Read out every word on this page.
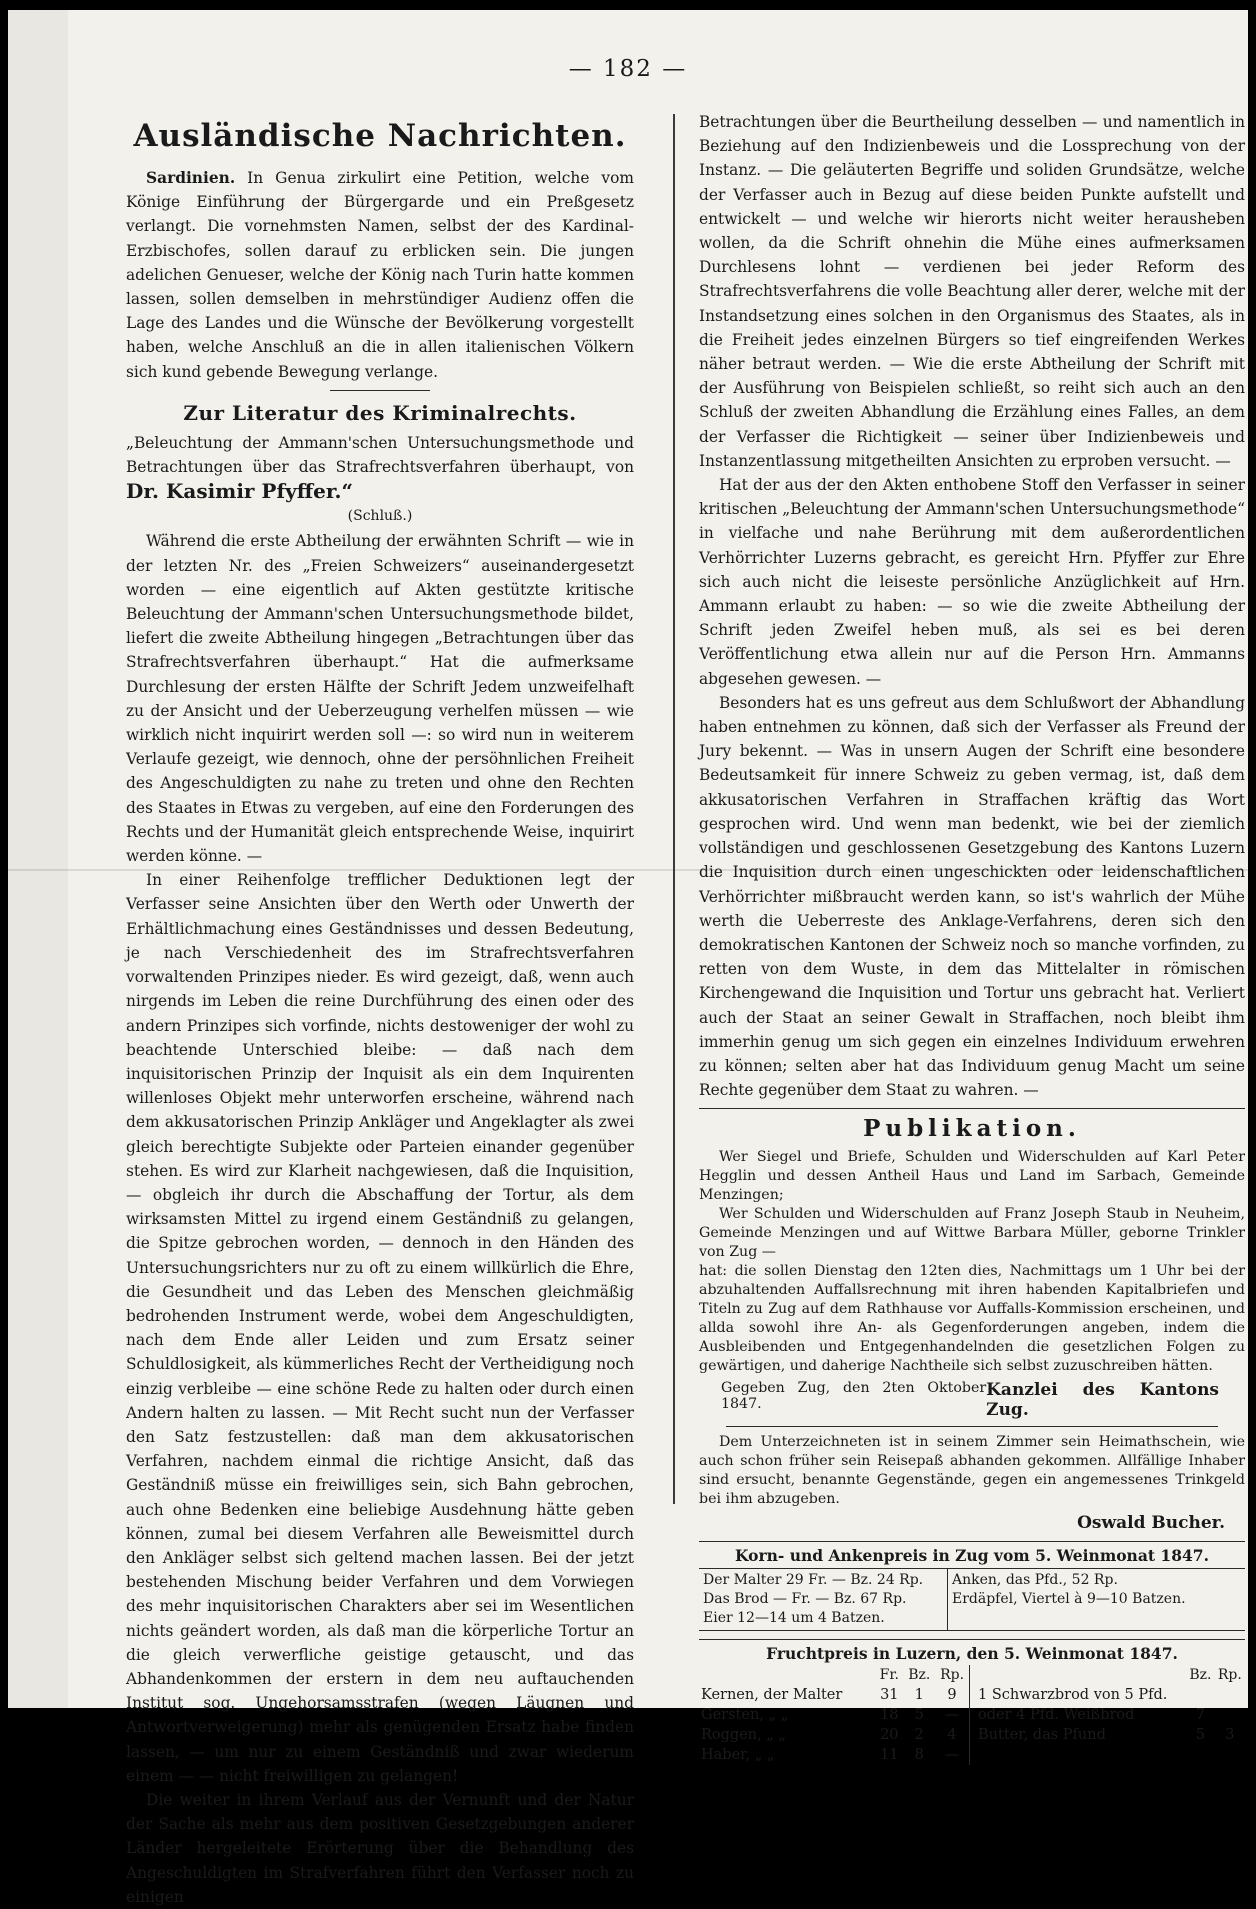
— 182 —
Ausländische Nachrichten.

Sardinien. In Genua zirkulirt eine Petition, welche vom Könige Einführung der Bürgergarde und ein Preßgesetz verlangt. Die vornehmsten Namen, selbst der des Kardinal-Erzbischofes, sollen darauf zu erblicken sein. Die jungen adelichen Genueser, welche der König nach Turin hatte kommen lassen, sollen demselben in mehrstündiger Audienz offen die Lage des Landes und die Wünsche der Bevölkerung vorgestellt haben, welche Anschluß an die in allen italienischen Völkern sich kund gebende Bewegung verlange.

Zur Literatur des Kriminalrechts.

„Beleuchtung der Ammann'schen Untersuchungsmethode und Betrachtungen über das Strafrechtsverfahren überhaupt, von Dr. Kasimir Pfyffer.“

(Schluß.)

Während die erste Abtheilung der erwähnten Schrift — wie in der letzten Nr. des „Freien Schweizers“ auseinandergesetzt worden — eine eigentlich auf Akten gestützte kritische Beleuchtung der Ammann'schen Untersuchungsmethode bildet, liefert die zweite Abtheilung hingegen „Betrachtungen über das Strafrechtsverfahren überhaupt.“ Hat die aufmerksame Durchlesung der ersten Hälfte der Schrift Jedem unzweifelhaft zu der Ansicht und der Ueberzeugung verhelfen müssen — wie wirklich nicht inquirirt werden soll —: so wird nun in weiterem Verlaufe gezeigt, wie dennoch, ohne der persöhnlichen Freiheit des Angeschuldigten zu nahe zu treten und ohne den Rechten des Staates in Etwas zu vergeben, auf eine den Forderungen des Rechts und der Humanität gleich entsprechende Weise, inquirirt werden könne. —

In einer Reihenfolge trefflicher Deduktionen legt der Verfasser seine Ansichten über den Werth oder Unwerth der Erhältlichmachung eines Geständnisses und dessen Bedeutung, je nach Verschiedenheit des im Strafrechtsverfahren vorwaltenden Prinzipes nieder. Es wird gezeigt, daß, wenn auch nirgends im Leben die reine Durchführung des einen oder des andern Prinzipes sich vorfinde, nichts destoweniger der wohl zu beachtende Unterschied bleibe: — daß nach dem inquisitorischen Prinzip der Inquisit als ein dem Inquirenten willenloses Objekt mehr unterworfen erscheine, während nach dem akkusatorischen Prinzip Ankläger und Angeklagter als zwei gleich berechtigte Subjekte oder Parteien einander gegenüber stehen. Es wird zur Klarheit nachgewiesen, daß die Inquisition, — obgleich ihr durch die Abschaffung der Tortur, als dem wirksamsten Mittel zu irgend einem Geständniß zu gelangen, die Spitze gebrochen worden, — dennoch in den Händen des Untersuchungsrichters nur zu oft zu einem willkürlich die Ehre, die Gesundheit und das Leben des Menschen gleichmäßig bedrohenden Instrument werde, wobei dem Angeschuldigten, nach dem Ende aller Leiden und zum Ersatz seiner Schuldlosigkeit, als kümmerliches Recht der Vertheidigung noch einzig verbleibe — eine schöne Rede zu halten oder durch einen Andern halten zu lassen. — Mit Recht sucht nun der Verfasser den Satz festzustellen: daß man dem akkusatorischen Verfahren, nachdem einmal die richtige Ansicht, daß das Geständniß müsse ein freiwilliges sein, sich Bahn gebrochen, auch ohne Bedenken eine beliebige Ausdehnung hätte geben können, zumal bei diesem Verfahren alle Beweismittel durch den Ankläger selbst sich geltend machen lassen. Bei der jetzt bestehenden Mischung beider Verfahren und dem Vorwiegen des mehr inquisitorischen Charakters aber sei im Wesentlichen nichts geändert worden, als daß man die körperliche Tortur an die gleich verwerfliche geistige getauscht, und das Abhandenkommen der erstern in dem neu auftauchenden Institut sog. Ungehorsamsstrafen (wegen Läugnen und Antwortverweigerung) mehr als genügenden Ersatz habe finden lassen, — um nur zu einem Geständniß und zwar wiederum einem — — nicht freiwilligen zu gelangen!

Die weiter in ihrem Verlauf aus der Vernunft und der Natur der Sache als mehr aus dem positiven Gesetzgebungen anderer Länder hergeleitete Erörterung über die Behandlung des Angeschuldigten im Strafverfahren führt den Verfasser noch zu einigen

Betrachtungen über die Beurtheilung desselben — und namentlich in Beziehung auf den Indizienbeweis und die Lossprechung von der Instanz. — Die geläuterten Begriffe und soliden Grundsätze, welche der Verfasser auch in Bezug auf diese beiden Punkte aufstellt und entwickelt — und welche wir hierorts nicht weiter herausheben wollen, da die Schrift ohnehin die Mühe eines aufmerksamen Durchlesens lohnt — verdienen bei jeder Reform des Strafrechtsverfahrens die volle Beachtung aller derer, welche mit der Instandsetzung eines solchen in den Organismus des Staates, als in die Freiheit jedes einzelnen Bürgers so tief eingreifenden Werkes näher betraut werden. — Wie die erste Abtheilung der Schrift mit der Ausführung von Beispielen schließt, so reiht sich auch an den Schluß der zweiten Abhandlung die Erzählung eines Falles, an dem der Verfasser die Richtigkeit — seiner über Indizienbeweis und Instanzentlassung mitgetheilten Ansichten zu erproben versucht. —

Hat der aus der den Akten enthobene Stoff den Verfasser in seiner kritischen „Beleuchtung der Ammann'schen Untersuchungsmethode“ in vielfache und nahe Berührung mit dem außerordentlichen Verhörrichter Luzerns gebracht, es gereicht Hrn. Pfyffer zur Ehre sich auch nicht die leiseste persönliche Anzüglichkeit auf Hrn. Ammann erlaubt zu haben: — so wie die zweite Abtheilung der Schrift jeden Zweifel heben muß, als sei es bei deren Veröffentlichung etwa allein nur auf die Person Hrn. Ammanns abgesehen gewesen. —

Besonders hat es uns gefreut aus dem Schlußwort der Abhandlung haben entnehmen zu können, daß sich der Verfasser als Freund der Jury bekennt. — Was in unsern Augen der Schrift eine besondere Bedeutsamkeit für innere Schweiz zu geben vermag, ist, daß dem akkusatorischen Verfahren in Straffachen kräftig das Wort gesprochen wird. Und wenn man bedenkt, wie bei der ziemlich vollständigen und geschlossenen Gesetzgebung des Kantons Luzern die Inquisition durch einen ungeschickten oder leidenschaftlichen Verhörrichter mißbraucht werden kann, so ist's wahrlich der Mühe werth die Ueberreste des Anklage-Verfahrens, deren sich den demokratischen Kantonen der Schweiz noch so manche vorfinden, zu retten von dem Wuste, in dem das Mittelalter in römischen Kirchengewand die Inquisition und Tortur uns gebracht hat. Verliert auch der Staat an seiner Gewalt in Straffachen, noch bleibt ihm immerhin genug um sich gegen ein einzelnes Individuum erwehren zu können; selten aber hat das Individuum genug Macht um seine Rechte gegenüber dem Staat zu wahren. —

Publikation.

Wer Siegel und Briefe, Schulden und Widerschulden auf Karl Peter Hegglin und dessen Antheil Haus und Land im Sarbach, Gemeinde Menzingen;

Wer Schulden und Widerschulden auf Franz Joseph Staub in Neuheim, Gemeinde Menzingen und auf Wittwe Barbara Müller, geborne Trinkler von Zug —

hat: die sollen Dienstag den 12ten dies, Nachmittags um 1 Uhr bei der abzuhaltenden Auffallsrechnung mit ihren habenden Kapitalbriefen und Titeln zu Zug auf dem Rathhause vor Auffalls-Kommission erscheinen, und allda sowohl ihre An- als Gegenforderungen angeben, indem die Ausbleibenden und Entgegenhandelnden die gesetzlichen Folgen zu gewärtigen, und daherige Nachtheile sich selbst zuzuschreiben hätten.

Gegeben Zug, den 2ten Oktober 1847.
Kanzlei des Kantons Zug.

Dem Unterzeichneten ist in seinem Zimmer sein Heimathschein, wie auch schon früher sein Reisepaß abhanden gekommen. Allfällige Inhaber sind ersucht, benannte Gegenstände, gegen ein angemessenes Trinkgeld bei ihm abzugeben.

Oswald Bucher.
Korn- und Ankenpreis in Zug vom 5. Weinmonat 1847.
Der Malter 29 Fr. — Bz. 24 Rp.
Das Brod — Fr. — Bz. 67 Rp.
Eier 12—14 um 4 Batzen.
Anken, das Pfd., 52 Rp.
Erdäpfel, Viertel à 9—10 Batzen.
Fruchtpreis in Luzern, den 5. Weinmonat 1847.
	Fr.	Bz.	Rp.
Kernen, der Malter	31	1	9
Gersten, „ „	18	5	—
Roggen, „ „	20	2	4
Haber, „ „	11	8	—
	Bz.	Rp.
1 Schwarzbrod von 5 Pfd.		
oder 4 Pfd. Weißbrod	7	
Butter, das Pfund	5	3
